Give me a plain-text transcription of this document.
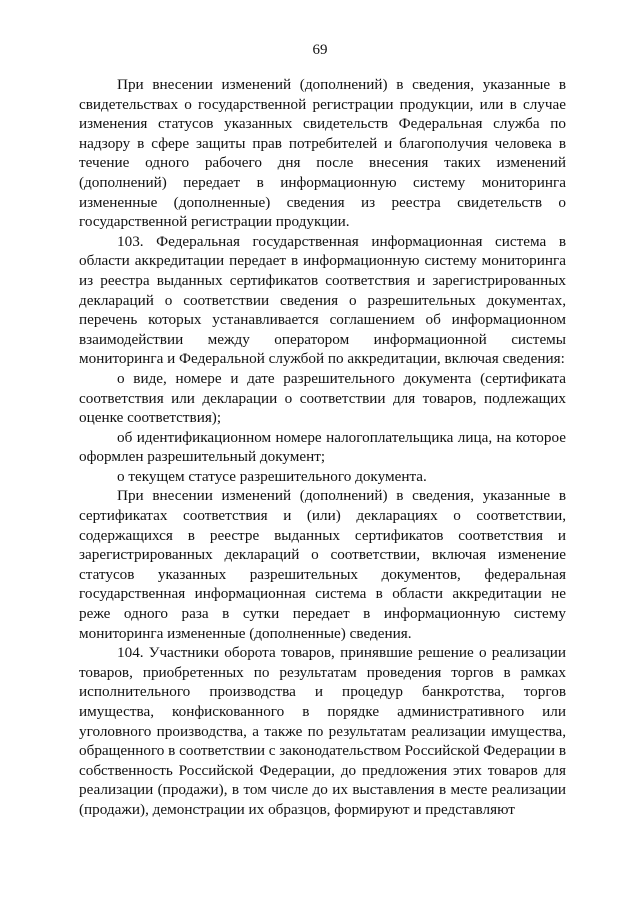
69

При внесении изменений (дополнений) в сведения, указанные в свидетельствах о государственной регистрации продукции, или в случае изменения статусов указанных свидетельств Федеральная служба по надзору в сфере защиты прав потребителей и благополучия человека в течение одного рабочего дня после внесения таких изменений (дополнений) передает в информационную систему мониторинга измененные (дополненные) сведения из реестра свидетельств о государственной регистрации продукции.

103. Федеральная государственная информационная система в области аккредитации передает в информационную систему мониторинга из реестра выданных сертификатов соответствия и зарегистрированных деклараций о соответствии сведения о разрешительных документах, перечень которых устанавливается соглашением об информационном взаимодействии между оператором информационной системы мониторинга и Федеральной службой по аккредитации, включая сведения:

о виде, номере и дате разрешительного документа (сертификата соответствия или декларации о соответствии для товаров, подлежащих оценке соответствия);

об идентификационном номере налогоплательщика лица, на которое оформлен разрешительный документ;

о текущем статусе разрешительного документа.

При внесении изменений (дополнений) в сведения, указанные в сертификатах соответствия и (или) декларациях о соответствии, содержащихся в реестре выданных сертификатов соответствия и зарегистрированных деклараций о соответствии, включая изменение статусов указанных разрешительных документов, федеральная государственная информационная система в области аккредитации не реже одного раза в сутки передает в информационную систему мониторинга измененные (дополненные) сведения.

104. Участники оборота товаров, принявшие решение о реализации товаров, приобретенных по результатам проведения торгов в рамках исполнительного производства и процедур банкротства, торгов имущества, конфискованного в порядке административного или уголовного производства, а также по результатам реализации имущества, обращенного в соответствии с законодательством Российской Федерации в собственность Российской Федерации, до предложения этих товаров для реализации (продажи), в том числе до их выставления в месте реализации (продажи), демонстрации их образцов, формируют и представляют
